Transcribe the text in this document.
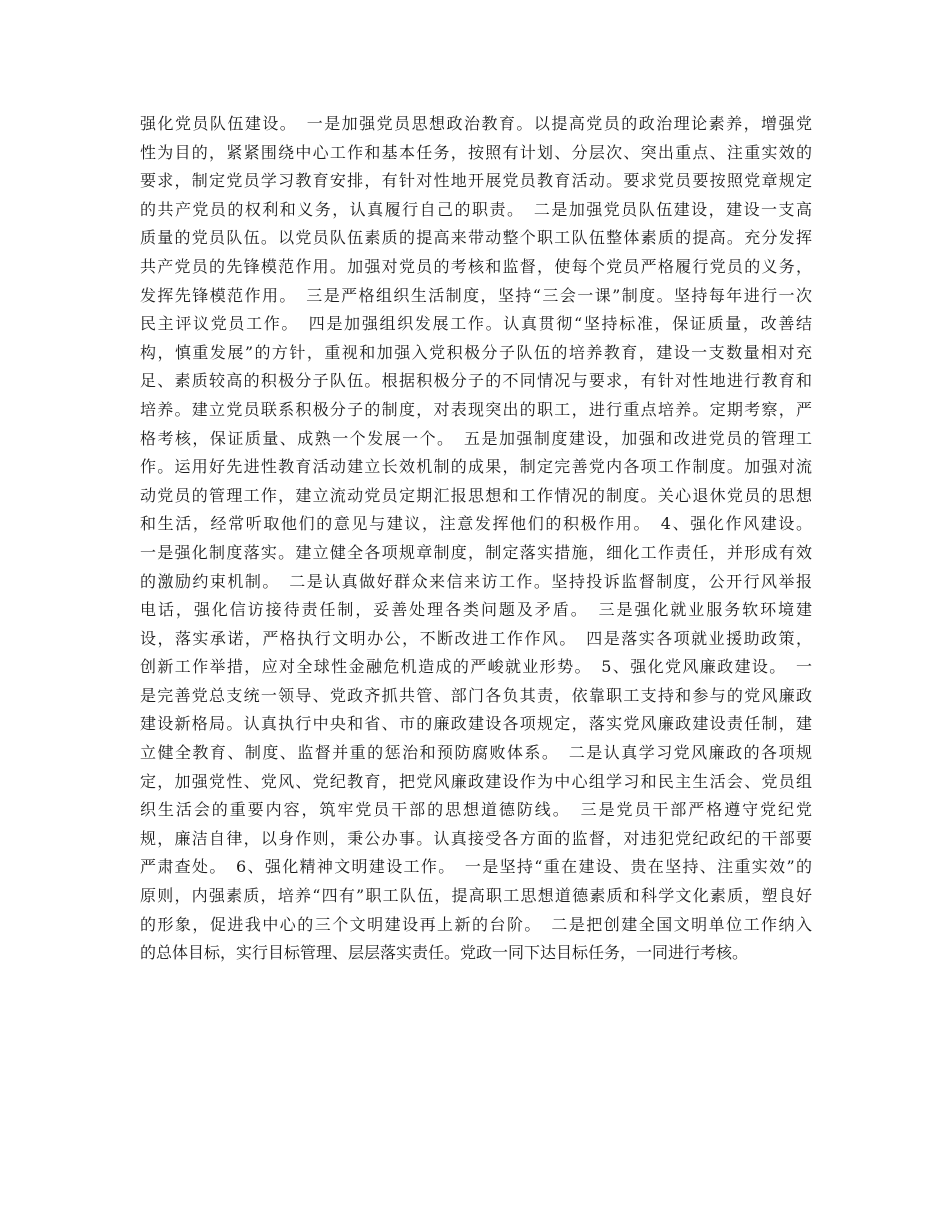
强化党员队伍建设。　一是加强党员思想政治教育。以提高党员的政治理论素养，增强党
性为目的，紧紧围绕中心工作和基本任务，按照有计划、分层次、突出重点、注重实效的
要求，制定党员学习教育安排，有针对性地开展党员教育活动。要求党员要按照党章规定
的共产党员的权利和义务，认真履行自己的职责。　二是加强党员队伍建设，建设一支高
质量的党员队伍。以党员队伍素质的提高来带动整个职工队伍整体素质的提高。充分发挥
共产党员的先锋模范作用。加强对党员的考核和监督，使每个党员严格履行党员的义务，
发挥先锋模范作用。　三是严格组织生活制度，坚持“三会一课”制度。坚持每年进行一次
民主评议党员工作。　四是加强组织发展工作。认真贯彻“坚持标准，保证质量，改善结
构，慎重发展”的方针，重视和加强入党积极分子队伍的培养教育，建设一支数量相对充
足、素质较高的积极分子队伍。根据积极分子的不同情况与要求，有针对性地进行教育和
培养。建立党员联系积极分子的制度，对表现突出的职工，进行重点培养。定期考察，严
格考核，保证质量、成熟一个发展一个。　五是加强制度建设，加强和改进党员的管理工
作。运用好先进性教育活动建立长效机制的成果，制定完善党内各项工作制度。加强对流
动党员的管理工作，建立流动党员定期汇报思想和工作情况的制度。关心退休党员的思想
和生活，经常听取他们的意见与建议，注意发挥他们的积极作用。　4、强化作风建设。
一是强化制度落实。建立健全各项规章制度，制定落实措施，细化工作责任，并形成有效
的激励约束机制。　二是认真做好群众来信来访工作。坚持投诉监督制度，公开行风举报
电话，强化信访接待责任制，妥善处理各类问题及矛盾。　三是强化就业服务软环境建
设，落实承诺，严格执行文明办公，不断改进工作作风。　四是落实各项就业援助政策，
创新工作举措，应对全球性金融危机造成的严峻就业形势。　5、强化党风廉政建设。　一
是完善党总支统一领导、党政齐抓共管、部门各负其责，依靠职工支持和参与的党风廉政
建设新格局。认真执行中央和省、市的廉政建设各项规定，落实党风廉政建设责任制，建
立健全教育、制度、监督并重的惩治和预防腐败体系。　二是认真学习党风廉政的各项规
定，加强党性、党风、党纪教育，把党风廉政建设作为中心组学习和民主生活会、党员组
织生活会的重要内容，筑牢党员干部的思想道德防线。　三是党员干部严格遵守党纪党
规，廉洁自律，以身作则，秉公办事。认真接受各方面的监督，对违犯党纪政纪的干部要
严肃查处。　6、强化精神文明建设工作。　一是坚持“重在建设、贵在坚持、注重实效”的
原则，内强素质，培养“四有”职工队伍，提高职工思想道德素质和科学文化素质，塑良好
的形象，促进我中心的三个文明建设再上新的台阶。　二是把创建全国文明单位工作纳入
的总体目标，实行目标管理、层层落实责任。党政一同下达目标任务，一同进行考核。
